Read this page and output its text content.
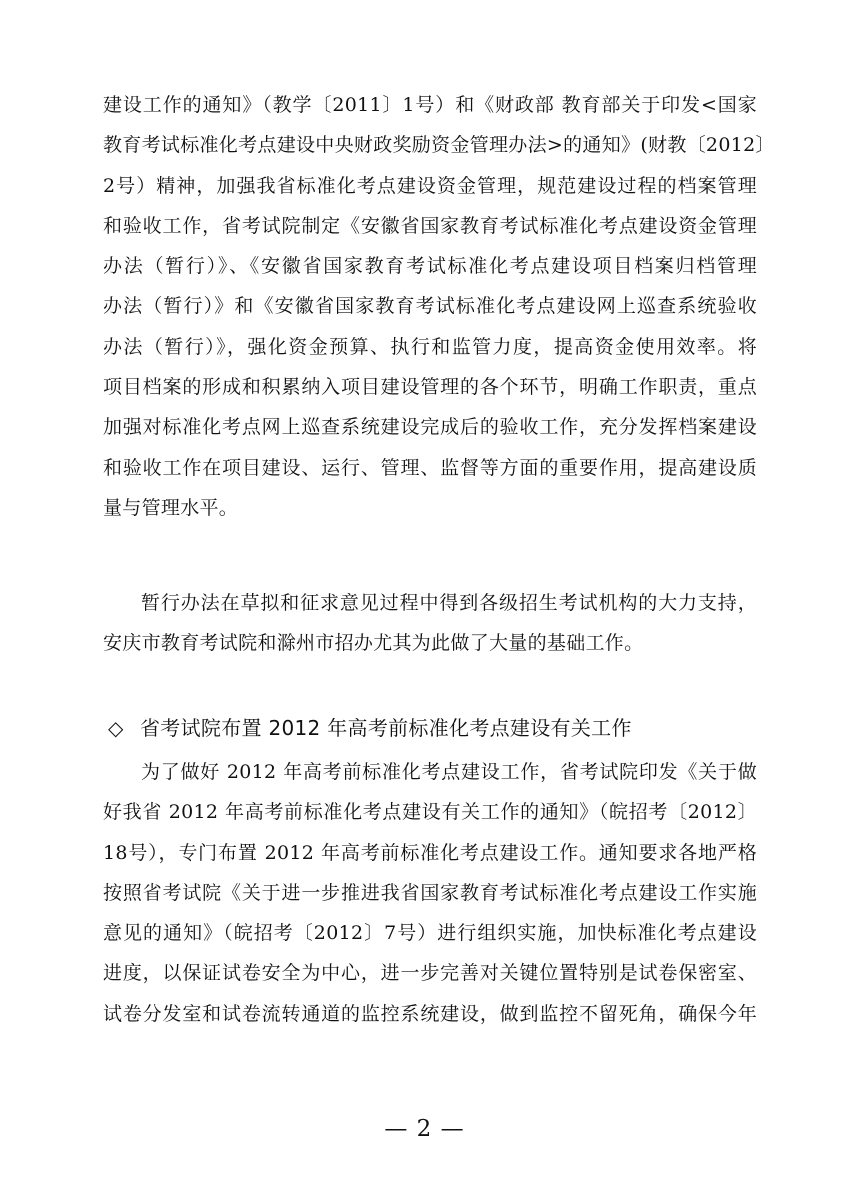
建设工作的通知》（教学〔2011〕1号）和《财政部 教育部关于印发<国家
教育考试标准化考点建设中央财政奖励资金管理办法>的通知》(财教〔2012〕
2号）精神，加强我省标准化考点建设资金管理，规范建设过程的档案管理
和验收工作，省考试院制定《安徽省国家教育考试标准化考点建设资金管理
办法（暂行）》、《安徽省国家教育考试标准化考点建设项目档案归档管理
办法（暂行）》和《安徽省国家教育考试标准化考点建设网上巡查系统验收
办法（暂行）》，强化资金预算、执行和监管力度，提高资金使用效率。将
项目档案的形成和积累纳入项目建设管理的各个环节，明确工作职责，重点
加强对标准化考点网上巡查系统建设完成后的验收工作，充分发挥档案建设
和验收工作在项目建设、运行、管理、监督等方面的重要作用，提高建设质
量与管理水平。
暂行办法在草拟和征求意见过程中得到各级招生考试机构的大力支持，
安庆市教育考试院和滁州市招办尤其为此做了大量的基础工作。
◇ 省考试院布置 2012 年高考前标准化考点建设有关工作
为了做好 2012 年高考前标准化考点建设工作，省考试院印发《关于做
好我省 2012 年高考前标准化考点建设有关工作的通知》（皖招考〔2012〕
18号），专门布置 2012 年高考前标准化考点建设工作。通知要求各地严格
按照省考试院《关于进一步推进我省国家教育考试标准化考点建设工作实施
意见的通知》（皖招考〔2012〕7号）进行组织实施，加快标准化考点建设
进度，以保证试卷安全为中心，进一步完善对关键位置特别是试卷保密室、
试卷分发室和试卷流转通道的监控系统建设，做到监控不留死角，确保今年
— 2 —
